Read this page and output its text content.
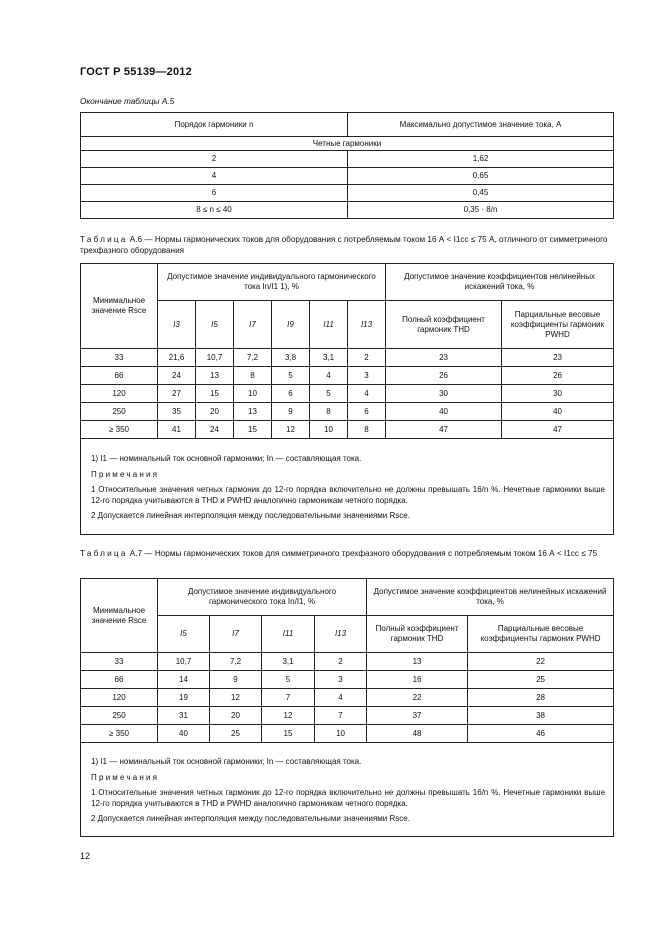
ГОСТ Р 55139—2012
Окончание таблицы А.5
Порядок гармоники n	Максимально допустимое значение тока, А
Четные гармоники	
2	1,62
4	0,65
6	0,45
8 ≤ n ≤ 40	0,35 · 8/n
Таблица А.6 — Нормы гармонических токов для оборудования с потребляемым током 16 А < I1cc ≤ 75 А, отличного от симметричного трехфазного оборудования
Минимальное значение Rsce	Допустимое значение индивидуального гармонического тока In/I1 1), %						Допустимое значение коэффициентов нелинейных искажений тока, %	
	I3	I5	I7	I9	I11	I13	Полный коэффициент гармоник THD	Парциальные весовые коэффициенты гармоник PWHD
33	21,6	10,7	7,2	3,8	3,1	2	23	23
66	24	13	8	5	4	3	26	26
120	27	15	10	6	5	4	30	30
250	35	20	13	9	8	6	40	40
≥ 350	41	24	15	12	10	8	47	47

1) I1 — номинальный ток основной гармоники; In — составляющая тока.

Примечания

1 Относительные значения четных гармоник до 12-го порядка включительно не должны превышать 16/n %. Нечетные гармоники выше 12-го порядка учитываются в THD и PWHD аналогично гармоникам четного порядка.

2 Допускается линейная интерполяция между последовательными значениями Rsce.								

Таблица А.7 — Нормы гармонических токов для симметричного трехфазного оборудования с потребляемым током 16 А < I1cc ≤ 75
Минимальное значение Rsce	Допустимое значение индивидуального гармонического тока In/I1, %				Допустимое значение коэффициентов нелинейных искажений тока, %	
	I5	I7	I11	I13	Полный коэффициент гармоник THD	Парциальные весовые коэффициенты гармоник PWHD
33	10,7	7,2	3,1	2	13	22
66	14	9	5	3	16	25
120	19	12	7	4	22	28
250	31	20	12	7	37	38
≥ 350	40	25	15	10	48	46

1) I1 — номинальный ток основной гармоники; In — составляющая тока.

Примечания

1 Относительные значения четных гармоник до 12-го порядка включительно не должны превышать 16/n %. Нечетные гармоники выше 12-го порядка учитываются в THD и PWHD аналогично гармоникам четного порядка.

2 Допускается линейная интерполяция между последовательными значениями Rsce.						

12
